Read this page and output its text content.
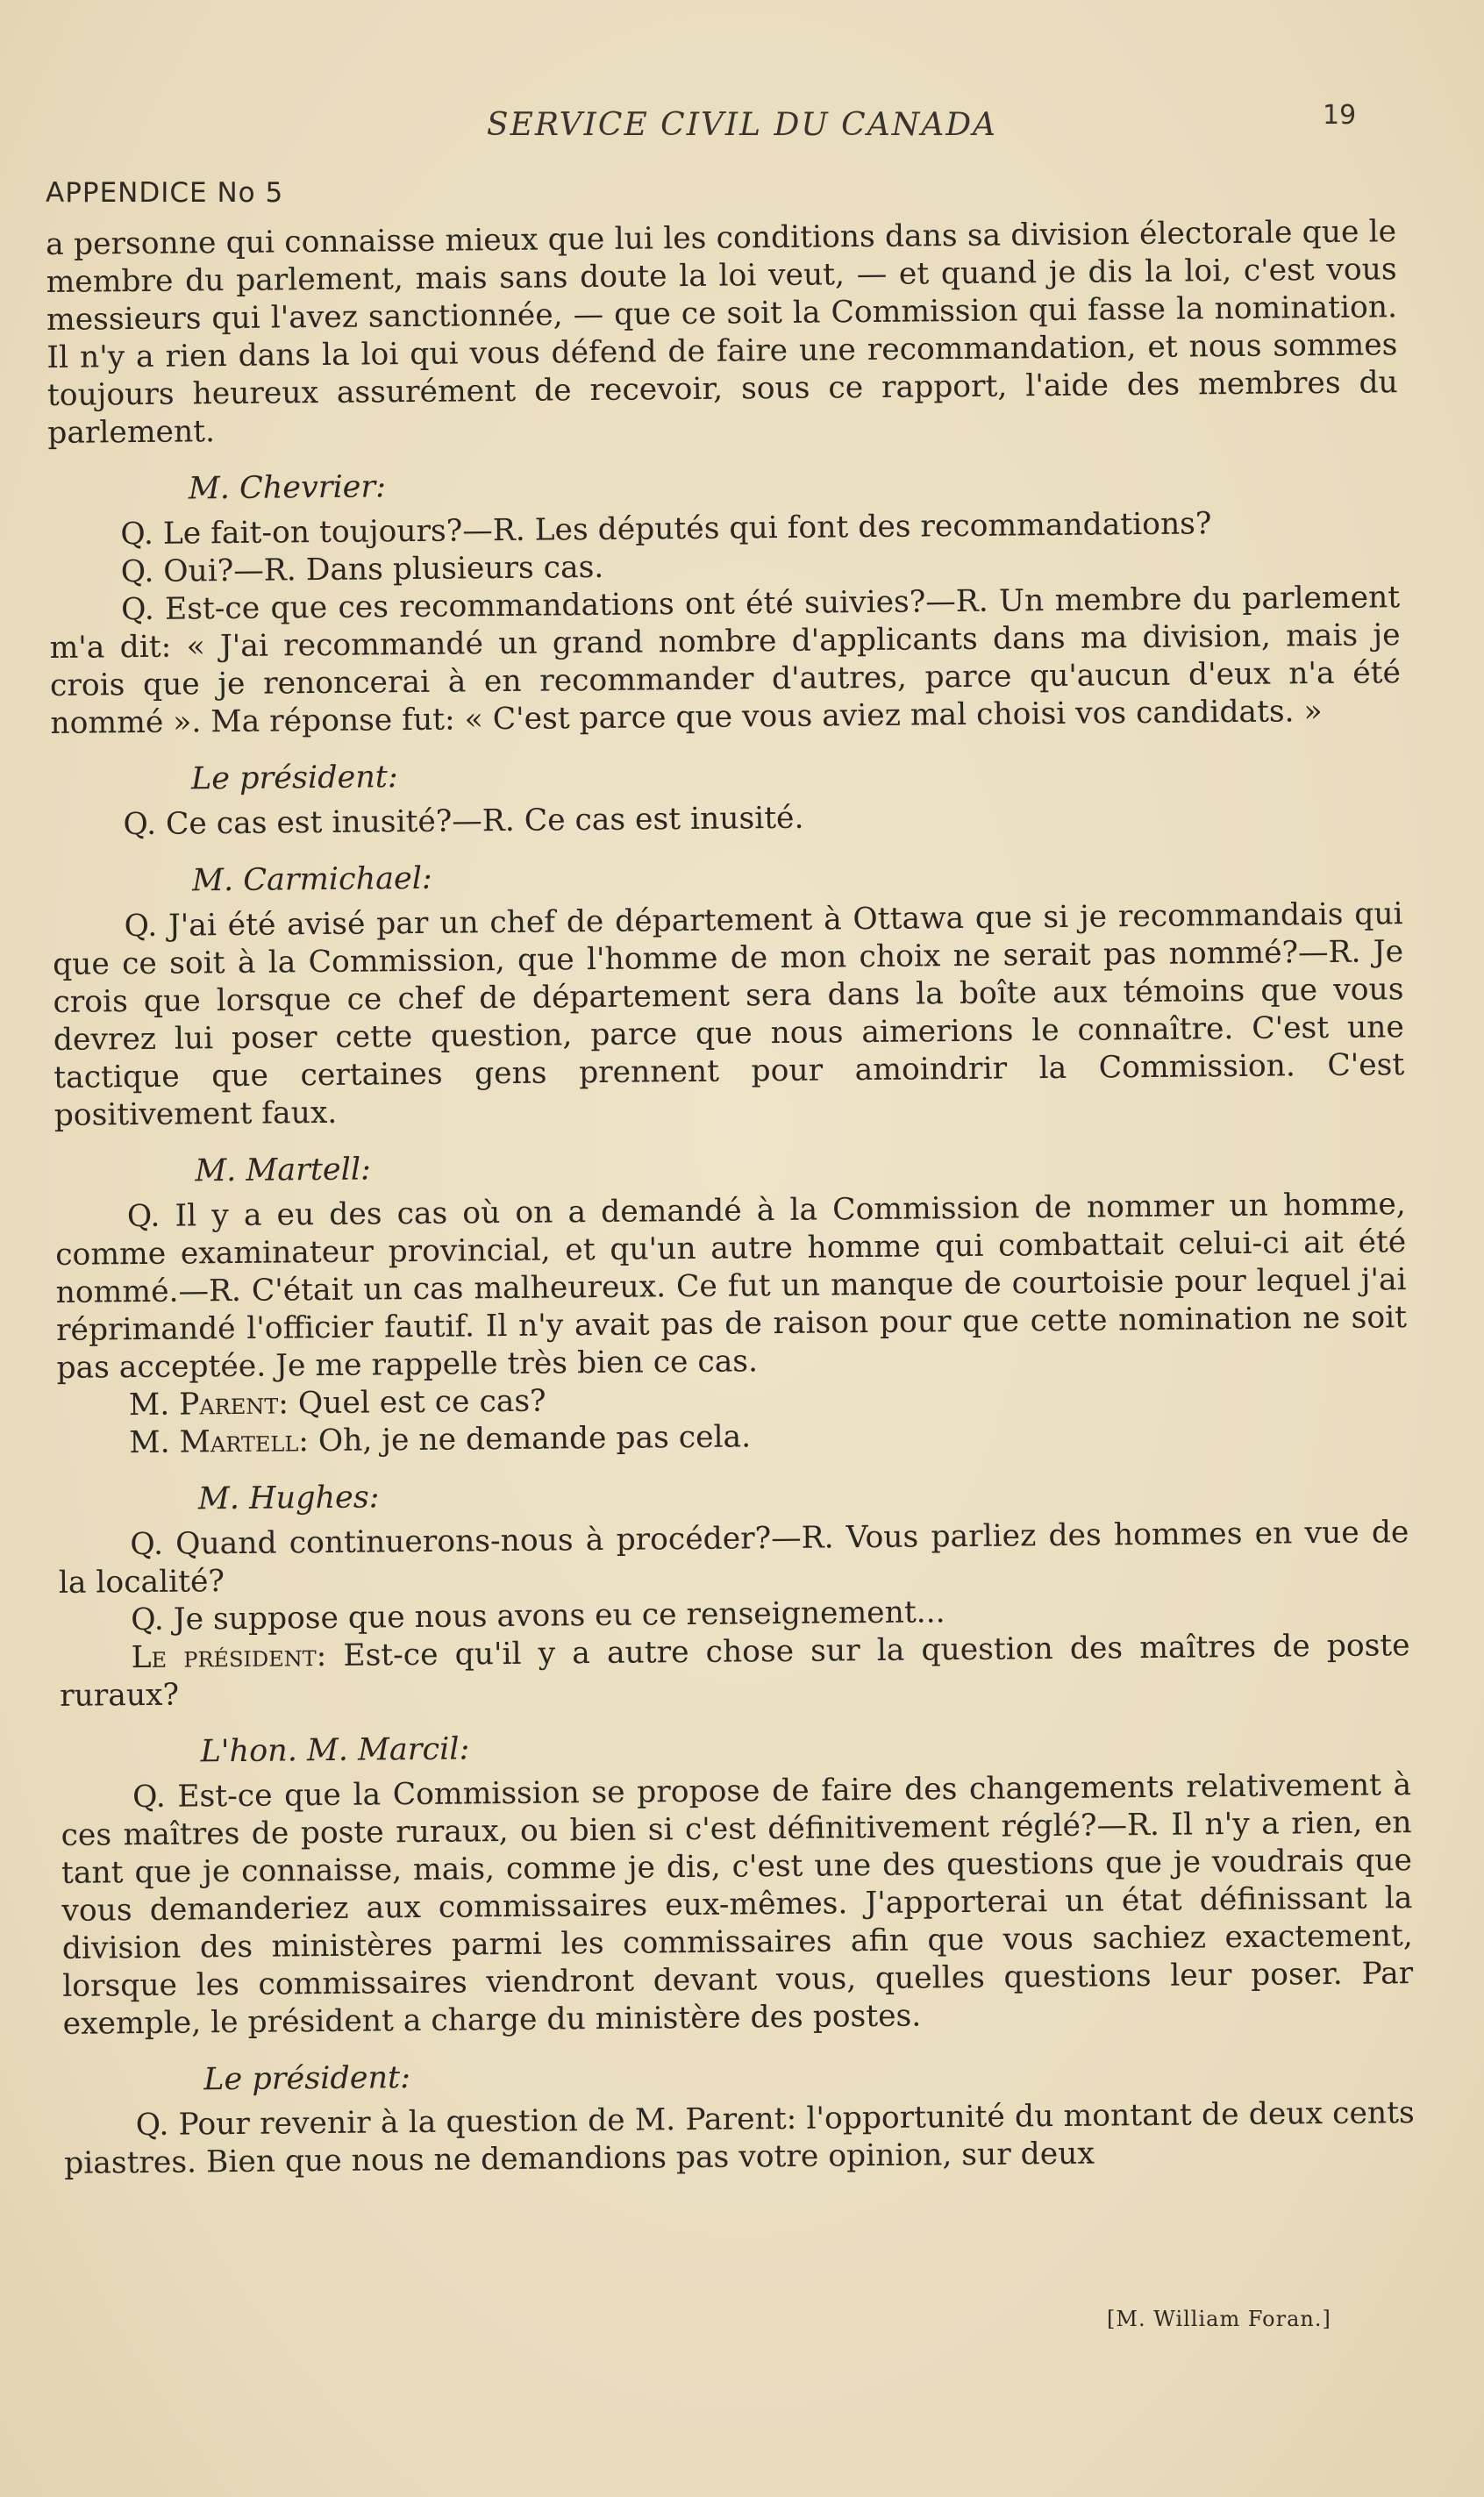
SERVICE CIVIL DU CANADA	19
APPENDICE No 5

a personne qui connaisse mieux que lui les conditions dans sa division électorale que le membre du parlement, mais sans doute la loi veut, — et quand je dis la loi, c'est vous messieurs qui l'avez sanctionnée, — que ce soit la Commission qui fasse la nomination. Il n'y a rien dans la loi qui vous défend de faire une recommandation, et nous sommes toujours heureux assurément de recevoir, sous ce rapport, l'aide des membres du parlement.

M. Chevrier:

Q. Le fait-on toujours?—R. Les députés qui font des recommandations?

Q. Oui?—R. Dans plusieurs cas.

Q. Est-ce que ces recommandations ont été suivies?—R. Un membre du parlement m'a dit: « J'ai recommandé un grand nombre d'applicants dans ma division, mais je crois que je renoncerai à en recommander d'autres, parce qu'aucun d'eux n'a été nommé ». Ma réponse fut: « C'est parce que vous aviez mal choisi vos candidats. »

Le président:

Q. Ce cas est inusité?—R. Ce cas est inusité.

M. Carmichael:

Q. J'ai été avisé par un chef de département à Ottawa que si je recommandais qui que ce soit à la Commission, que l'homme de mon choix ne serait pas nommé?—R. Je crois que lorsque ce chef de département sera dans la boîte aux témoins que vous devrez lui poser cette question, parce que nous aimerions le connaître. C'est une tactique que certaines gens prennent pour amoindrir la Commission. C'est positivement faux.

M. Martell:

Q. Il y a eu des cas où on a demandé à la Commission de nommer un homme, comme examinateur provincial, et qu'un autre homme qui combattait celui-ci ait été nommé.—R. C'était un cas malheureux. Ce fut un manque de courtoisie pour lequel j'ai réprimandé l'officier fautif. Il n'y avait pas de raison pour que cette nomination ne soit pas acceptée. Je me rappelle très bien ce cas.

M. Parent: Quel est ce cas?

M. Martell: Oh, je ne demande pas cela.

M. Hughes:

Q. Quand continuerons-nous à procéder?—R. Vous parliez des hommes en vue de la localité?

Q. Je suppose que nous avons eu ce renseignement...

Le président: Est-ce qu'il y a autre chose sur la question des maîtres de poste ruraux?

L'hon. M. Marcil:

Q. Est-ce que la Commission se propose de faire des changements relativement à ces maîtres de poste ruraux, ou bien si c'est définitivement réglé?—R. Il n'y a rien, en tant que je connaisse, mais, comme je dis, c'est une des questions que je voudrais que vous demanderiez aux commissaires eux-mêmes. J'apporterai un état définissant la division des ministères parmi les commissaires afin que vous sachiez exactement, lorsque les commissaires viendront devant vous, quelles questions leur poser. Par exemple, le président a charge du ministère des postes.

Le président:

Q. Pour revenir à la question de M. Parent: l'opportunité du montant de deux cents piastres. Bien que nous ne demandions pas votre opinion, sur deux

[M. William Foran.]
